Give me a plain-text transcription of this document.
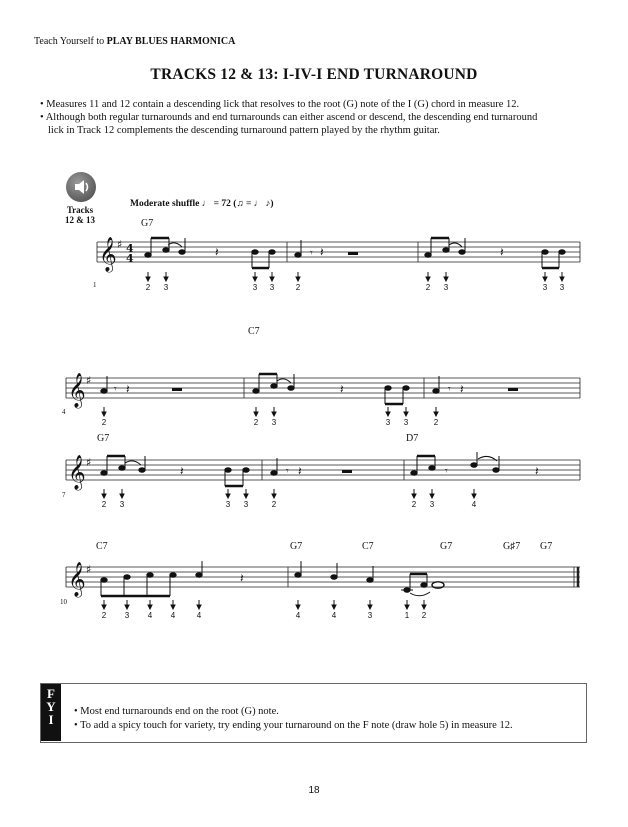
Teach Yourself to PLAY BLUES HARMONICA
TRACKS 12 & 13: I-IV-I END TURNAROUND

• Measures 11 and 12 contain a descending lick that resolves to the root (G) note of the I (G) chord in measure 12.

• Although both regular turnarounds and end turnarounds can either ascend or descend, the descending end turnaround

lick in Track 12 complements the descending turnaround pattern played by the rhythm guitar.

Tracks
12 & 13
Moderate shuffle ♩ = 72 (♫ = ♩ ♪)
𝄞
𝄞
𝄞
𝄞
♯
♯
♯
♯
4
4	𝄽	𝄾 𝄽	𝄽
𝄾 𝄽	𝄽	𝄾 𝄽
𝄽	𝄾 𝄽	𝄾	𝄽
𝄽
G7
C7
G7	D7
C7	G7	C7	G7	G♯7 G7
1
4
7
10
2 3	3 3	2	2 3	3 3
2	2 3	3 3	2
2 3	3 3	2	2 3	4
2 3 4 4	4	4	4	3	1 2
F
Y
I

• Most end turnarounds end on the root (G) note.

• To add a spicy touch for variety, try ending your turnaround on the F note (draw hole 5) in measure 12.

18
